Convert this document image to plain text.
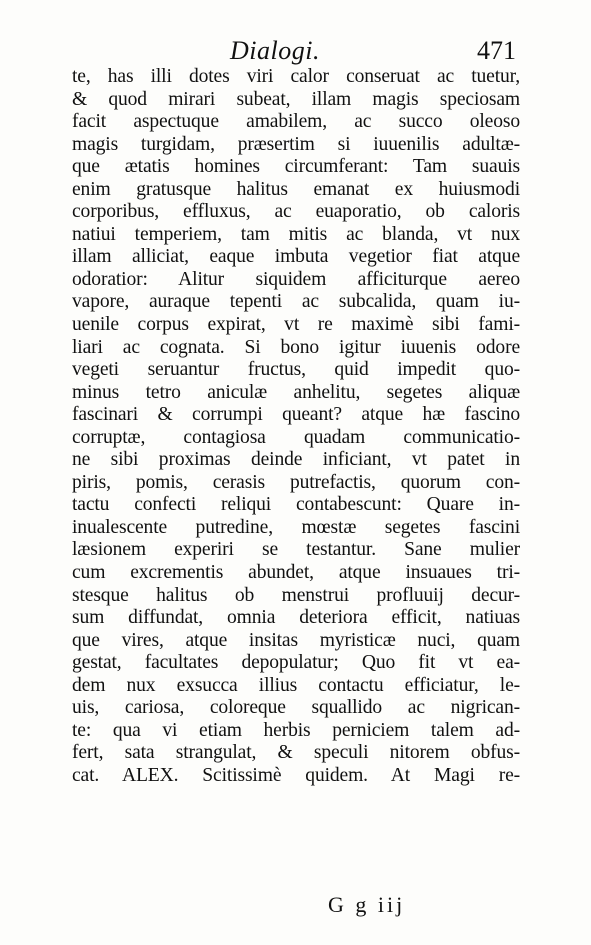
Dialogi.	471
te, has illi dotes viri calor conseruat ac tuetur,
& quod mirari subeat, illam magis speciosam
facit aspectuque amabilem, ac succo oleoso
magis turgidam, præsertim si iuuenilis adultæ-
que ætatis homines circumferant: Tam suauis
enim gratusque halitus emanat ex huiusmodi
corporibus, effluxus, ac euaporatio, ob caloris
natiui temperiem, tam mitis ac blanda, vt nux
illam alliciat, eaque imbuta vegetior fiat atque
odoratior: Alitur siquidem afficiturque aereo
vapore, auraque tepenti ac subcalida, quam iu-
uenile corpus expirat, vt re maximè sibi fami-
liari ac cognata. Si bono igitur iuuenis odore
vegeti seruantur fructus, quid impedit quo-
minus tetro aniculæ anhelitu, segetes aliquæ
fascinari & corrumpi queant? atque hæ fascino
corruptæ, contagiosa quadam communicatio-
ne sibi proximas deinde inficiant, vt patet in
piris, pomis, cerasis putrefactis, quorum con-
tactu confecti reliqui contabescunt: Quare in-
inualescente putredine, mœstæ segetes fascini
læsionem experiri se testantur. Sane mulier
cum excrementis abundet, atque insuaues tri-
stesque halitus ob menstrui profluuij decur-
sum diffundat, omnia deteriora efficit, natiuas
que vires, atque insitas myristicæ nuci, quam
gestat, facultates depopulatur; Quo fit vt ea-
dem nux exsucca illius contactu efficiatur, le-
uis, cariosa, coloreque squallido ac nigrican-
te: qua vi etiam herbis perniciem talem ad-
fert, sata strangulat, & speculi nitorem obfus-
cat. ALEX. Scitissimè quidem. At Magi re-
G g iij
